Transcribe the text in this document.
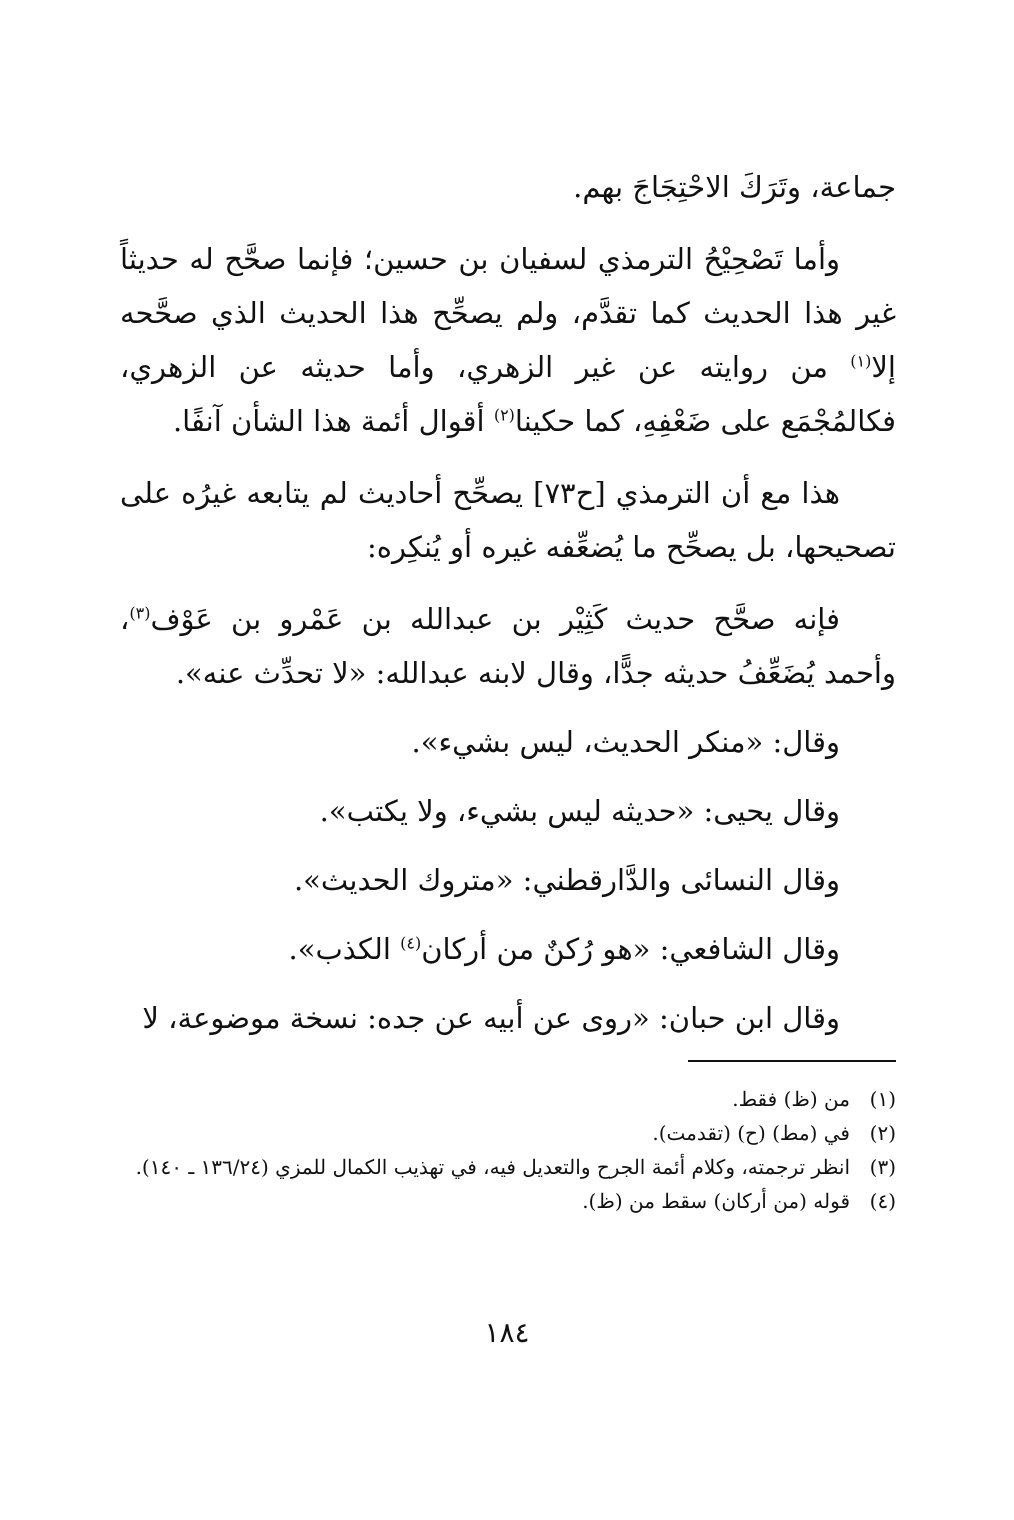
جماعة، وتَرَكَ الاحْتِجَاجَ بهم.

وأما تَصْحِيْحُ الترمذي لسفيان بن حسين؛ فإنما صحَّح له حديثاً غير هذا الحديث كما تقدَّم، ولم يصحِّح هذا الحديث الذي صحَّحه إلا$^{(١)}$ من روايته عن غير الزهري، وأما حديثه عن الزهري، فكالمُجْمَع على ضَعْفِهِ، كما حكينا$^{(٢)}$ أقوال أئمة هذا الشأن آنفًا.

هذا مع أن الترمذي [ح٧٣] يصحِّح أحاديث لم يتابعه غيرُه على تصحيحها، بل يصحِّح ما يُضعِّفه غيره أو يُنكِره:

فإنه صحَّح حديث كَثِيْر بن عبدالله بن عَمْرو بن عَوْف$^{(٣)}$، وأحمد يُضَعِّفُ حديثه جدًّا، وقال لابنه عبدالله: «لا تحدِّث عنه».

وقال: «منكر الحديث، ليس بشيء».

وقال يحيى: «حديثه ليس بشيء، ولا يكتب».

وقال النسائى والدَّارقطني: «متروك الحديث».

وقال الشافعي: «هو رُكنٌ من أركان$^{(٤)}$ الكذب».

وقال ابن حبان: «روى عن أبيه عن جده: نسخة موضوعة، لا

(١)
من (ظ) فقط.
(٢)
في (مط) (ح) (تقدمت).
(٣)
انظر ترجمته، وكلام أئمة الجرح والتعديل فيه، في تهذيب الكمال للمزي (١٣٦/٢٤ ـ ١٤٠).
(٤)
قوله (من أركان) سقط من (ظ).
١٨٤
